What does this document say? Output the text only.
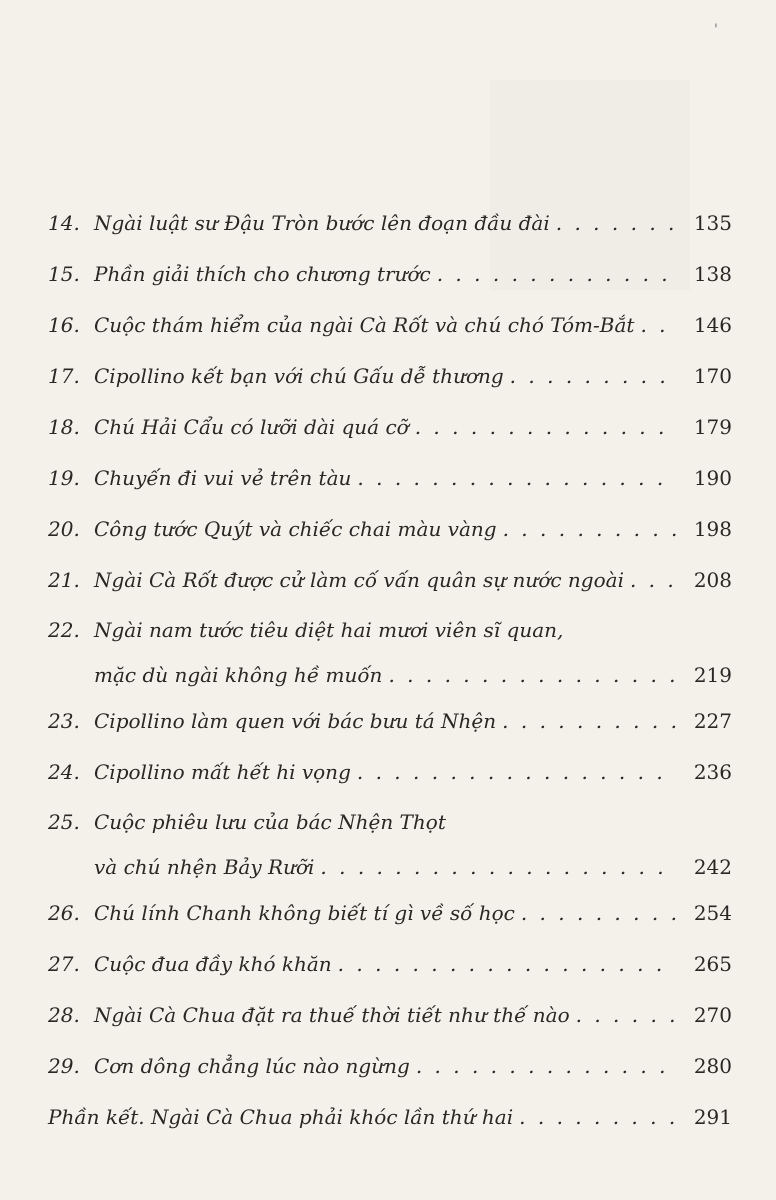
'
14. Ngài luật sư Đậu Tròn bước lên đoạn đầu đài . . .	135
15. Phần giải thích cho chương trước . . .	138
16. Cuộc thám hiểm của ngài Cà Rốt và chú chó Tóm-Bắt . . .	146
17. Cipollino kết bạn với chú Gấu dễ thương . . .	170
18. Chú Hải Cẩu có lưỡi dài quá cỡ . . .	179
19. Chuyến đi vui vẻ trên tàu . . .	190
20. Công tước Quýt và chiếc chai màu vàng . . .	198
21. Ngài Cà Rốt được cử làm cố vấn quân sự nước ngoài . . .	208
22. Ngài nam tước tiêu diệt hai mươi viên sĩ quan,
mặc dù ngài không hề muốn . . .	219
23. Cipollino làm quen với bác bưu tá Nhện . . .	227
24. Cipollino mất hết hi vọng . . .	236
25. Cuộc phiêu lưu của bác Nhện Thọt
và chú nhện Bảy Rưỡi . . .	242
26. Chú lính Chanh không biết tí gì về số học . . .	254
27. Cuộc đua đầy khó khăn . . .	265
28. Ngài Cà Chua đặt ra thuế thời tiết như thế nào . . .	270
29. Cơn dông chẳng lúc nào ngừng . . .	280
Phần kết. Ngài Cà Chua phải khóc lần thứ hai . . .	291
